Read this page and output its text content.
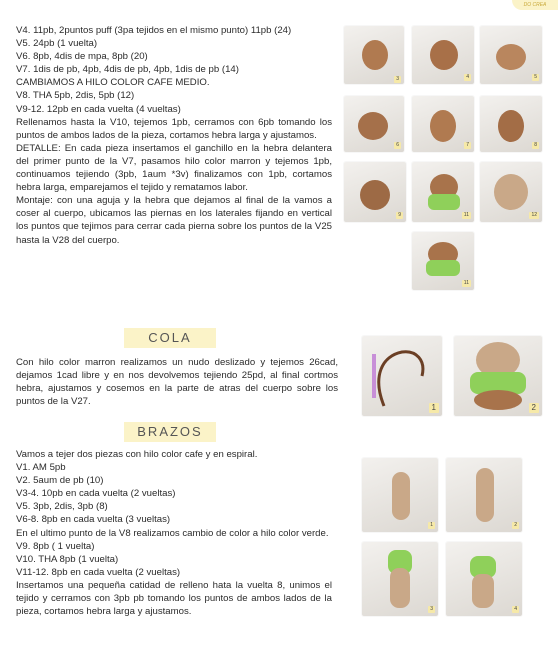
DO CREA

V4. 11pb, 2puntos puff (3pa tejidos en el mismo punto) 11pb (24)

V5. 24pb (1 vuelta)

V6. 8pb, 4dis de mpa, 8pb (20)

V7. 1dis de pb, 4pb, 4dis de pb, 4pb, 1dis de pb (14)

CAMBIAMOS A HILO COLOR CAFE MEDIO.

V8. THA 5pb, 2dis, 5pb (12)

V9-12. 12pb en cada vuelta (4 vueltas)

Rellenamos hasta la V10, tejemos 1pb, cerramos con 6pb tomando los puntos de ambos lados de la pieza, cortamos hebra larga y ajustamos.

DETALLE: En cada pieza insertamos el ganchillo en la hebra delantera del primer punto de la V7, pasamos hilo color marron y tejemos 1pb, continuamos tejiendo (3pb, 1aum *3v) finalizamos con 1pb, cortamos hebra larga, emparejamos el tejido y rematamos labor.

Montaje: con una aguja y la hebra que dejamos al final de la vamos a coser al cuerpo, ubicamos las piernas en los laterales fijando en vertical los puntos que tejimos para cerrar cada pierna sobre los puntos de la V25 hasta la V28 del cuerpo.

4	5
3
6	7	8
9	11	12
11
COLA

Con hilo color marron realizamos un nudo deslizado y tejemos 26cad, dejamos 1cad libre y en nos devolvemos tejiendo 25pd, al final cortmos hebra, ajustamos y cosemos en la parte de atras del cuerpo sobre los puntos de la V27.

1	2
BRAZOS

Vamos a tejer dos piezas con hilo color cafe y en espiral.

V1. AM 5pb

V2. 5aum de pb (10)

V3-4. 10pb en cada vuelta (2 vueltas)

V5. 3pb, 2dis, 3pb (8)

V6-8. 8pb en cada vuelta (3 vueltas)

En el ultimo punto de la V8 realizamos cambio de color a hilo color verde.

V9. 8pb ( 1 vuelta)

V10. THA 8pb (1 vuelta)

V11-12. 8pb en cada vuelta (2 vueltas)

Insertamos una pequeña catidad de relleno hata la vuelta 8, unimos el tejido y cerramos con 3pb pb tomando los puntos de ambos lados de la pieza, cortamos hebra larga y ajustamos.

1	2
3	4
